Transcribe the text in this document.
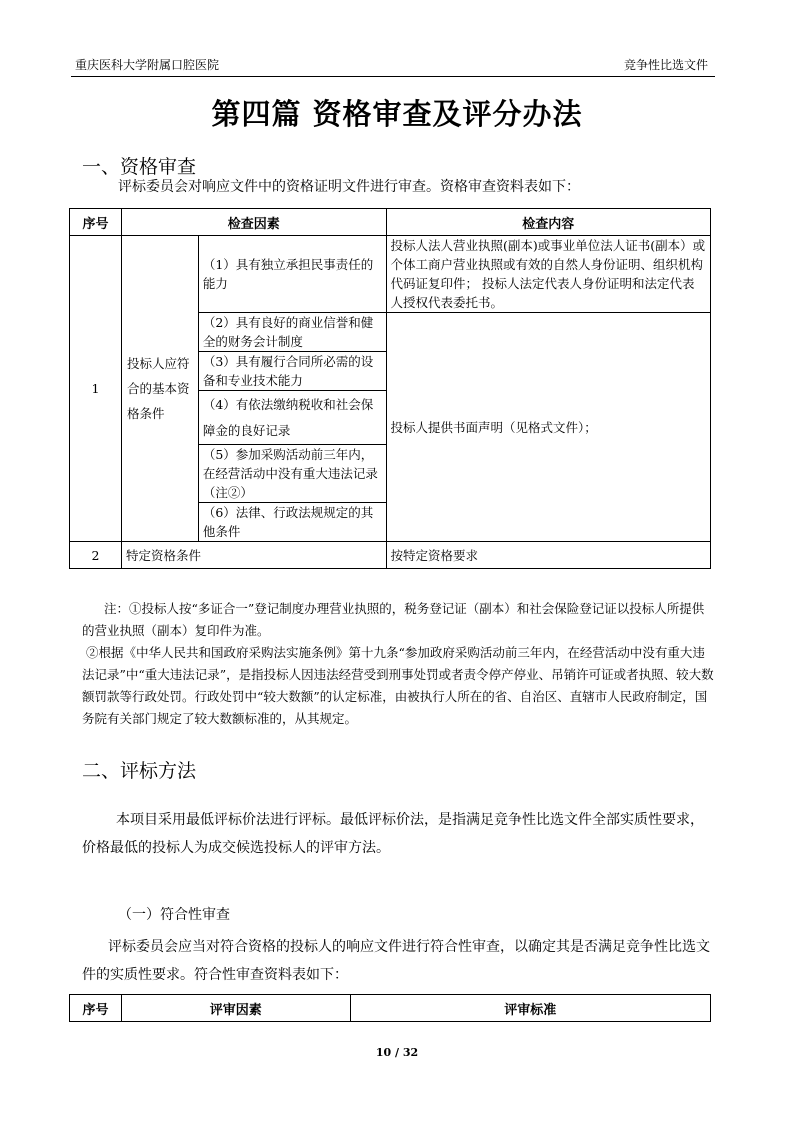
重庆医科大学附属口腔医院	竞争性比选文件
第四篇 资格审查及评分办法
一、资格审查
评标委员会对响应文件中的资格证明文件进行审查。资格审查资料表如下：
序号	检查因素		检查内容
1	投标人应符合的基本资格条件	（1）具有独立承担民事责任的能力	投标人法人营业执照(副本)或事业单位法人证书(副本）或个体工商户营业执照或有效的自然人身份证明、组织机构代码证复印件； 投标人法定代表人身份证明和法定代表人授权代表委托书。
		（2）具有良好的商业信誉和健全的财务会计制度	投标人提供书面声明（见格式文件）；
		（3）具有履行合同所必需的设备和专业技术能力	
		（4）有依法缴纳税收和社会保障金的良好记录	
		（5）参加采购活动前三年内，在经营活动中没有重大违法记录（注②）	
		（6）法律、行政法规规定的其他条件	
2	特定资格条件		按特定资格要求
注：①投标人按“多证合一”登记制度办理营业执照的，税务登记证（副本）和社会保险登记证以投标人所提供的营业执照（副本）复印件为准。
②根据《中华人民共和国政府采购法实施条例》第十九条“参加政府采购活动前三年内，在经营活动中没有重大违法记录”中“重大违法记录”，是指投标人因违法经营受到刑事处罚或者责令停产停业、吊销许可证或者执照、较大数额罚款等行政处罚。行政处罚中“较大数额”的认定标准，由被执行人所在的省、自治区、直辖市人民政府制定，国务院有关部门规定了较大数额标准的，从其规定。
二、评标方法
本项目采用最低评标价法进行评标。最低评标价法，是指满足竞争性比选文件全部实质性要求，价格最低的投标人为成交候选投标人的评审方法。
（一）符合性审查
评标委员会应当对符合资格的投标人的响应文件进行符合性审查，以确定其是否满足竞争性比选文件的实质性要求。符合性审查资料表如下：
序号	评审因素	评审标准
10 / 32
